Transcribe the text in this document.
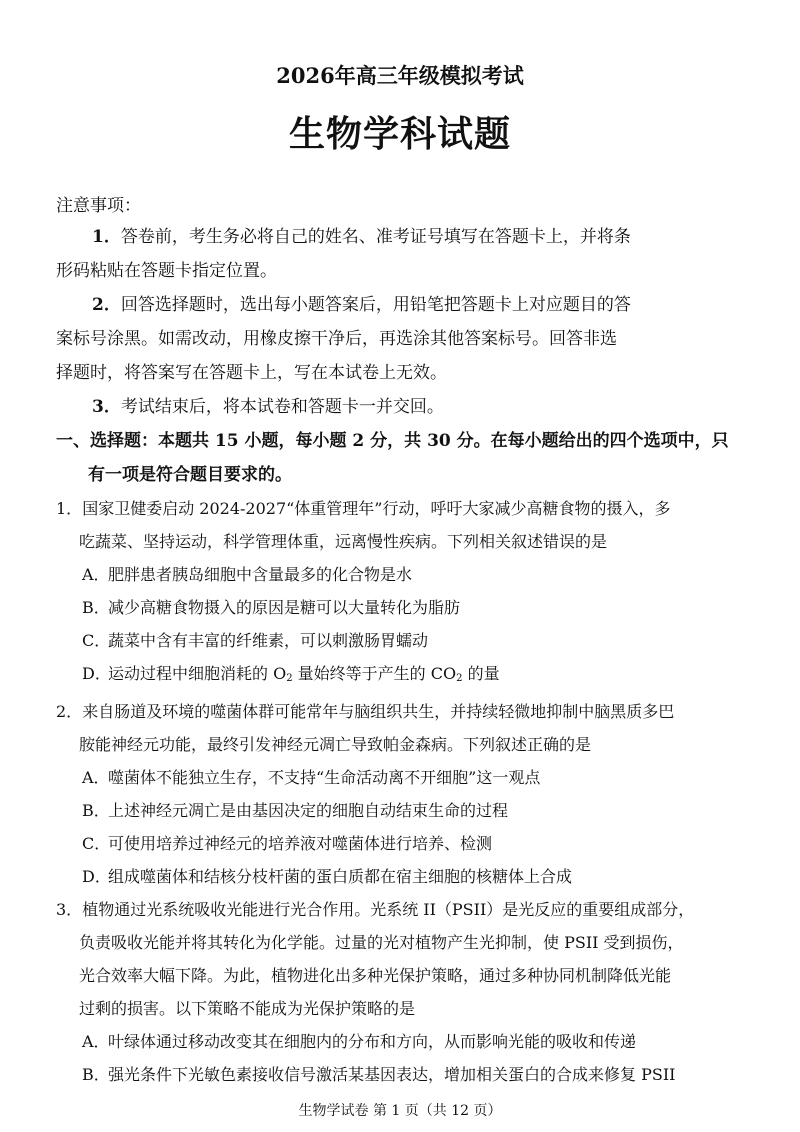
2026年高三年级模拟考试
生物学科试题
注意事项：

1．答卷前，考生务必将自己的姓名、准考证号填写在答题卡上，并将条

形码粘贴在答题卡指定位置。

2．回答选择题时，选出每小题答案后，用铅笔把答题卡上对应题目的答

案标号涂黑。如需改动，用橡皮擦干净后，再选涂其他答案标号。回答非选

择题时，将答案写在答题卡上，写在本试卷上无效。

3．考试结束后，将本试卷和答题卡一并交回。

一、选择题：本题共 15 小题，每小题 2 分，共 30 分。在每小题给出的四个选项中，只
有一项是符合题目要求的。

1．国家卫健委启动 2024-2027“体重管理年”行动，呼吁大家减少高糖食物的摄入，多

吃蔬菜、坚持运动，科学管理体重，远离慢性疾病。下列相关叙述错误的是

A．肥胖患者胰岛细胞中含量最多的化合物是水

B．减少高糖食物摄入的原因是糖可以大量转化为脂肪

C．蔬菜中含有丰富的纤维素，可以刺激肠胃蠕动

D．运动过程中细胞消耗的 $O_2$ 量始终等于产生的 $CO_2$ 的量

2．来自肠道及环境的噬菌体群可能常年与脑组织共生，并持续轻微地抑制中脑黑质多巴

胺能神经元功能，最终引发神经元凋亡导致帕金森病。下列叙述正确的是

A．噬菌体不能独立生存，不支持“生命活动离不开细胞”这一观点

B．上述神经元凋亡是由基因决定的细胞自动结束生命的过程

C．可使用培养过神经元的培养液对噬菌体进行培养、检测

D．组成噬菌体和结核分枝杆菌的蛋白质都在宿主细胞的核糖体上合成

3．植物通过光系统吸收光能进行光合作用。光系统 II（PSII）是光反应的重要组成部分，

负责吸收光能并将其转化为化学能。过量的光对植物产生光抑制，使 PSII 受到损伤，

光合效率大幅下降。为此，植物进化出多种光保护策略，通过多种协同机制降低光能

过剩的损害。以下策略不能成为光保护策略的是

A．叶绿体通过移动改变其在细胞内的分布和方向，从而影响光能的吸收和传递

B．强光条件下光敏色素接收信号激活某基因表达，增加相关蛋白的合成来修复 PSII

生物学试卷 第 1 页（共 12 页）
